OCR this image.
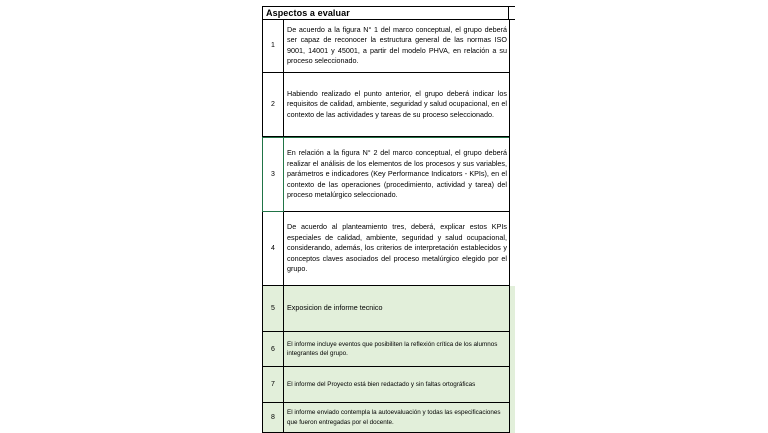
Aspectos a evaluar
1
De acuerdo a la figura N° 1 del marco conceptual, el grupo deberá ser capaz de reconocer la estructura general de las normas ISO 9001, 14001 y 45001, a partir del modelo PHVA, en relación a su proceso seleccionado.
2
Habiendo realizado el punto anterior, el grupo deberá indicar los requisitos de calidad, ambiente, seguridad y salud ocupacional, en el contexto de las actividades y tareas de su proceso seleccionado.
3
En relación a la figura N° 2 del marco conceptual, el grupo deberá realizar el análisis de los elementos de los procesos y sus variables, parámetros e indicadores (Key Performance Indicators - KPIs), en el contexto de las operaciones (procedimiento, actividad y tarea) del proceso metalúrgico seleccionado.
4
De acuerdo al planteamiento tres, deberá, explicar estos KPIs especiales de calidad, ambiente, seguridad y salud ocupacional, considerando, además, los criterios de interpretación establecidos y conceptos claves asociados del proceso metalúrgico elegido por el grupo.
5	Exposicion de informe tecnico
6
El informe incluye eventos que posibiliten la reflexión crítica de los alumnos integrantes del grupo.
7	El informe del Proyecto está bien redactado y sin faltas ortográficas
8
El informe enviado contempla la autoevaluación y todas las especificaciones que fueron entregadas por el docente.
